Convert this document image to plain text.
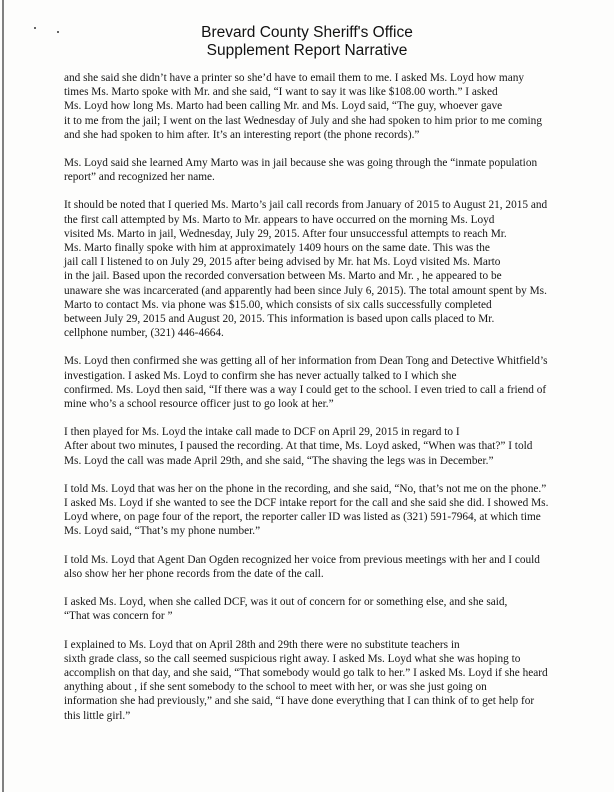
Brevard County Sheriff's Office
Supplement Report Narrative
and she said she didn’t have a printer so she’d have to email them to me. I asked Ms. Loyd how many
times Ms. Marto spoke with Mr. and she said, “I want to say it was like $108.00 worth.” I asked
Ms. Loyd how long Ms. Marto had been calling Mr. and Ms. Loyd said, “The guy, whoever gave
it to me from the jail; I went on the last Wednesday of July and she had spoken to him prior to me coming
and she had spoken to him after. It’s an interesting report (the phone records).”
Ms. Loyd said she learned Amy Marto was in jail because she was going through the “inmate population
report” and recognized her name.
It should be noted that I queried Ms. Marto’s jail call records from January of 2015 to August 21, 2015 and
the first call attempted by Ms. Marto to Mr. appears to have occurred on the morning Ms. Loyd
visited Ms. Marto in jail, Wednesday, July 29, 2015. After four unsuccessful attempts to reach Mr.
Ms. Marto finally spoke with him at approximately 1409 hours on the same date. This was the
jail call I listened to on July 29, 2015 after being advised by Mr. hat Ms. Loyd visited Ms. Marto
in the jail. Based upon the recorded conversation between Ms. Marto and Mr. , he appeared to be
unaware she was incarcerated (and apparently had been since July 6, 2015). The total amount spent by Ms.
Marto to contact Ms. via phone was $15.00, which consists of six calls successfully completed
between July 29, 2015 and August 20, 2015. This information is based upon calls placed to Mr.
cellphone number, (321) 446-4664.
Ms. Loyd then confirmed she was getting all of her information from Dean Tong and Detective Whitfield’s
investigation. I asked Ms. Loyd to confirm she has never actually talked to I which she
confirmed. Ms. Loyd then said, “If there was a way I could get to the school. I even tried to call a friend of
mine who’s a school resource officer just to go look at her.”
I then played for Ms. Loyd the intake call made to DCF on April 29, 2015 in regard to I
After about two minutes, I paused the recording. At that time, Ms. Loyd asked, “When was that?” I told
Ms. Loyd the call was made April 29th, and she said, “The shaving the legs was in December.”
I told Ms. Loyd that was her on the phone in the recording, and she said, “No, that’s not me on the phone.”
I asked Ms. Loyd if she wanted to see the DCF intake report for the call and she said she did. I showed Ms.
Loyd where, on page four of the report, the reporter caller ID was listed as (321) 591-7964, at which time
Ms. Loyd said, “That’s my phone number.”
I told Ms. Loyd that Agent Dan Ogden recognized her voice from previous meetings with her and I could
also show her her phone records from the date of the call.
I asked Ms. Loyd, when she called DCF, was it out of concern for or something else, and she said,
“That was concern for ”
I explained to Ms. Loyd that on April 28th and 29th there were no substitute teachers in
sixth grade class, so the call seemed suspicious right away. I asked Ms. Loyd what she was hoping to
accomplish on that day, and she said, “That somebody would go talk to her.” I asked Ms. Loyd if she heard
anything about , if she sent somebody to the school to meet with her, or was she just going on
information she had previously,” and she said, “I have done everything that I can think of to get help for
this little girl.”
